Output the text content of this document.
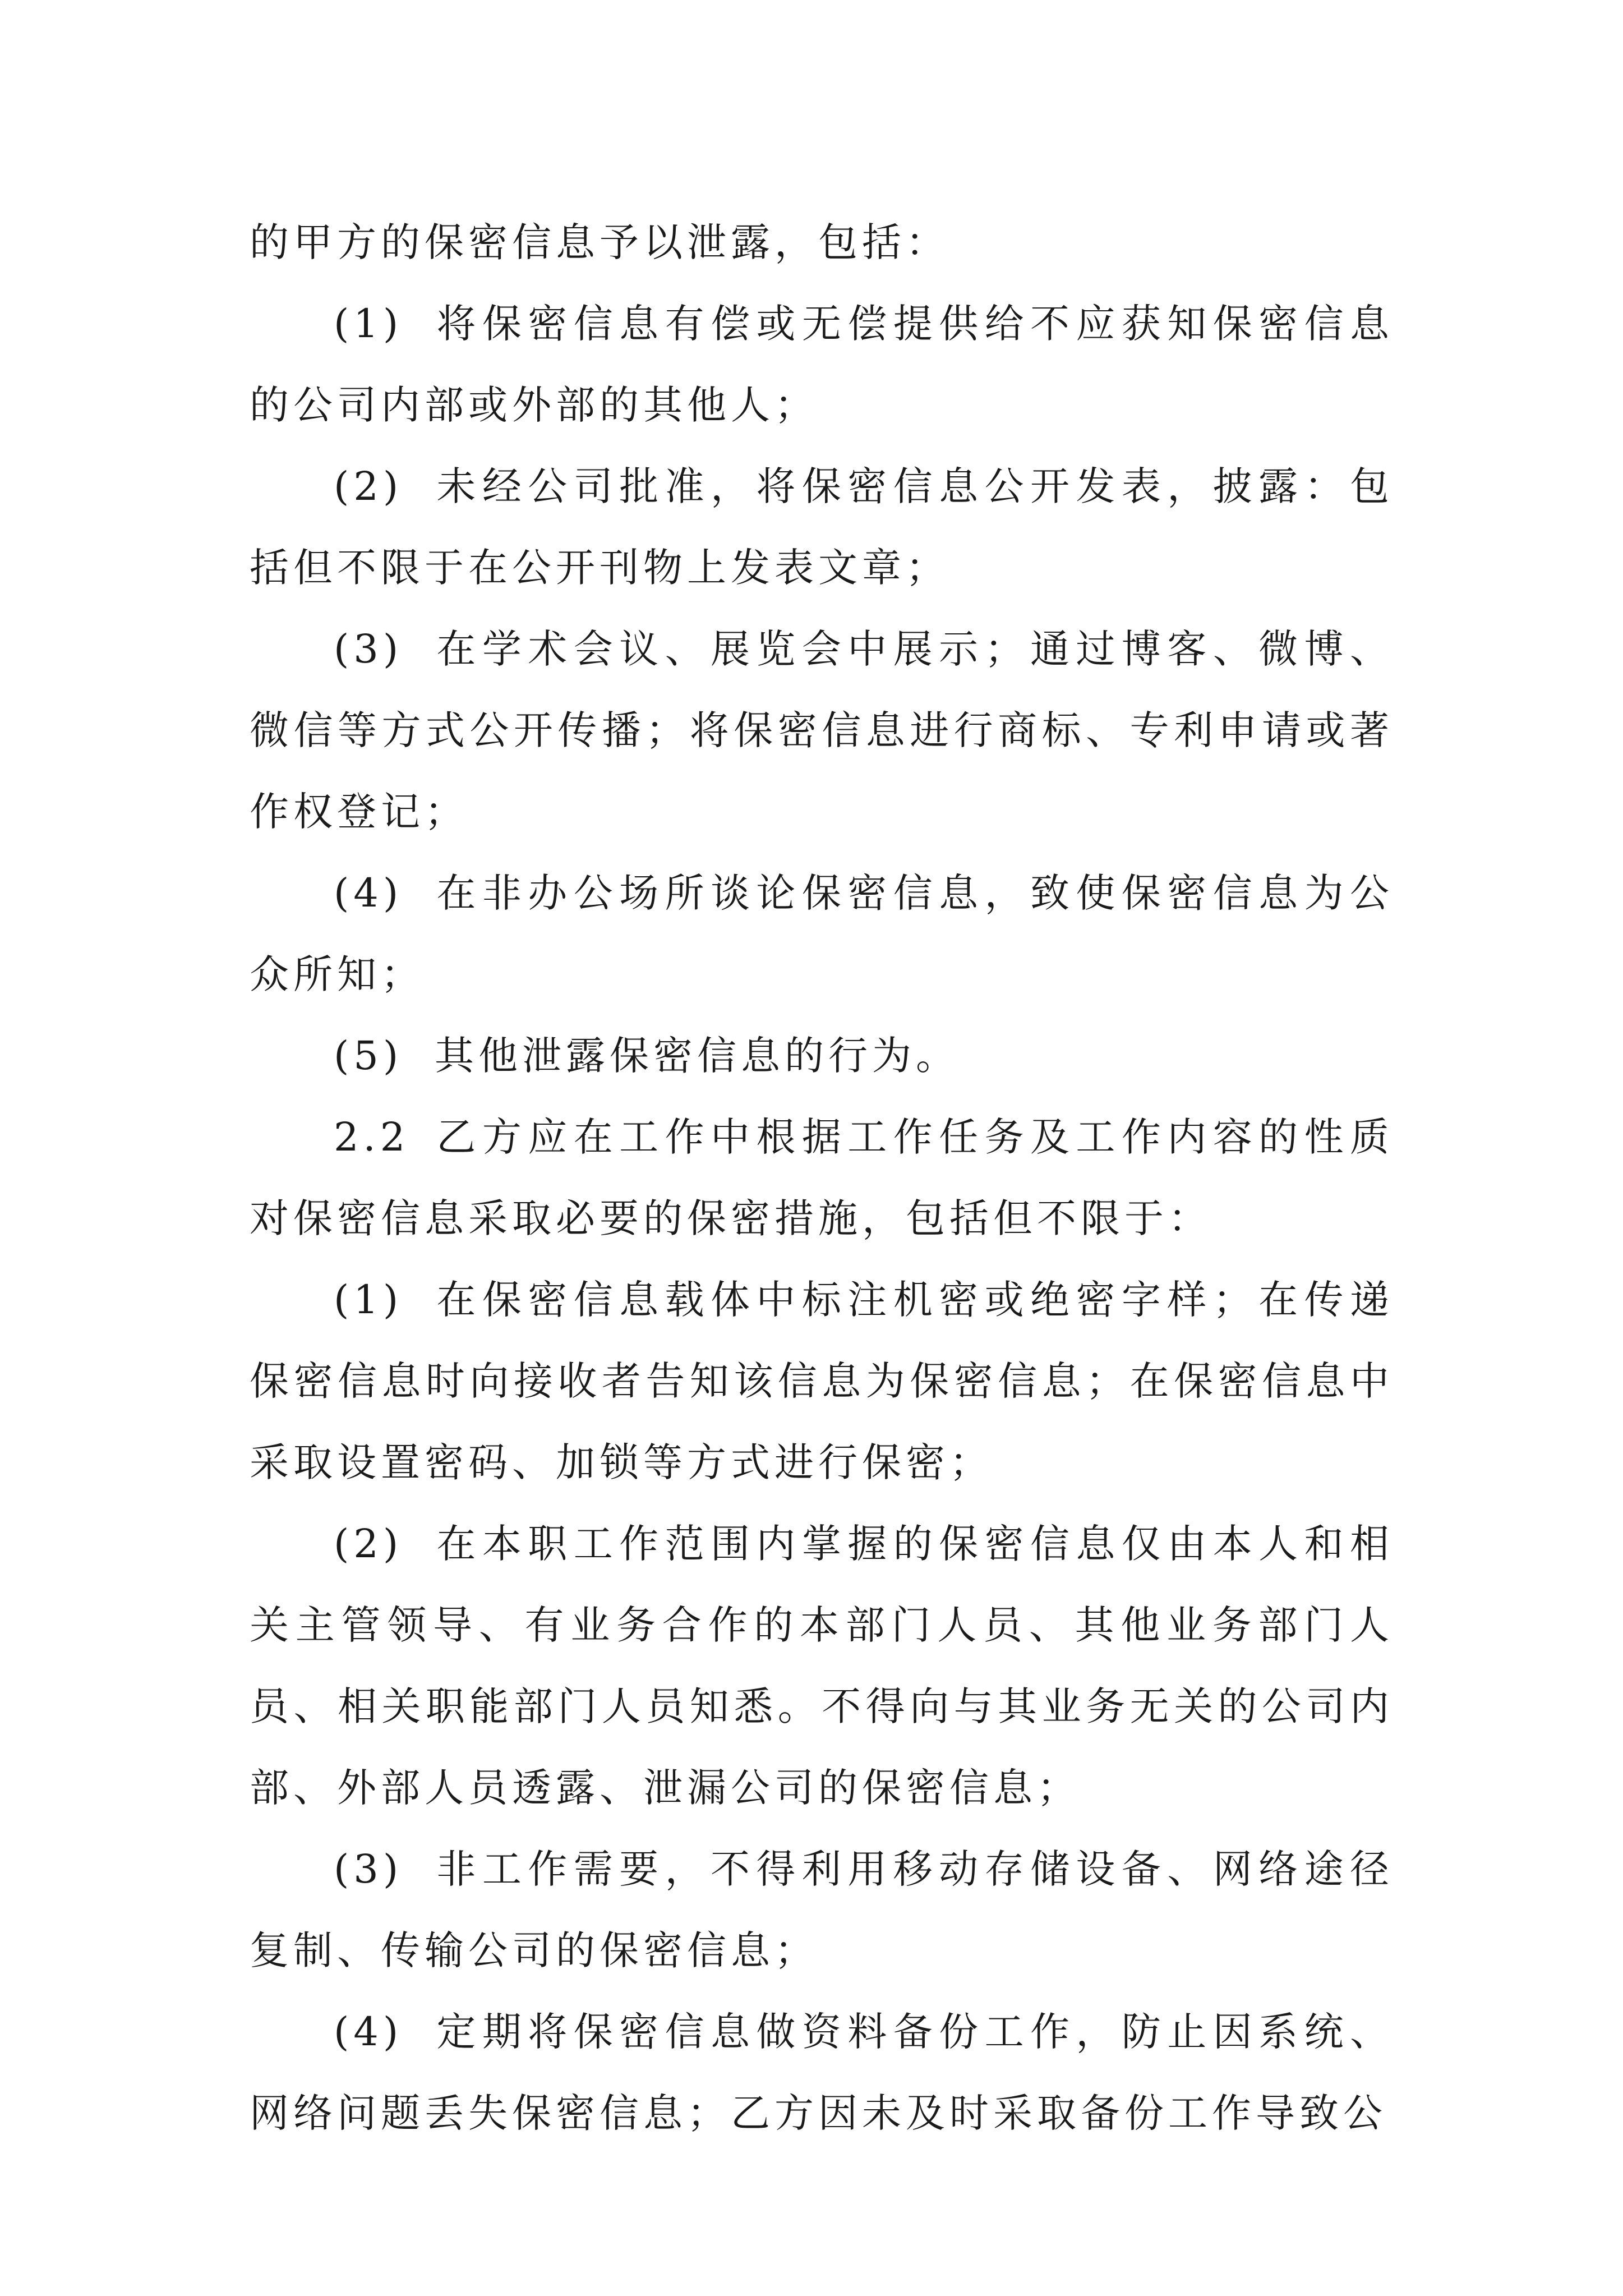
的甲方的保密信息予以泄露，包括：

(1) 将保密信息有偿或无偿提供给不应获知保密信息的公司内部或外部的其他人；

(2) 未经公司批准，将保密信息公开发表，披露：包括但不限于在公开刊物上发表文章；

(3) 在学术会议、展览会中展示；通过博客、微博、微信等方式公开传播；将保密信息进行商标、专利申请或著作权登记；

(4) 在非办公场所谈论保密信息，致使保密信息为公众所知；

(5) 其他泄露保密信息的行为。

2.2 乙方应在工作中根据工作任务及工作内容的性质对保密信息采取必要的保密措施，包括但不限于：

(1) 在保密信息载体中标注机密或绝密字样；在传递保密信息时向接收者告知该信息为保密信息；在保密信息中采取设置密码、加锁等方式进行保密；

(2) 在本职工作范围内掌握的保密信息仅由本人和相关主管领导、有业务合作的本部门人员、其他业务部门人员、相关职能部门人员知悉。不得向与其业务无关的公司内部、外部人员透露、泄漏公司的保密信息；

(3) 非工作需要，不得利用移动存储设备、网络途径复制、传输公司的保密信息；

(4) 定期将保密信息做资料备份工作，防止因系统、网络问题丢失保密信息；乙方因未及时采取备份工作导致公
